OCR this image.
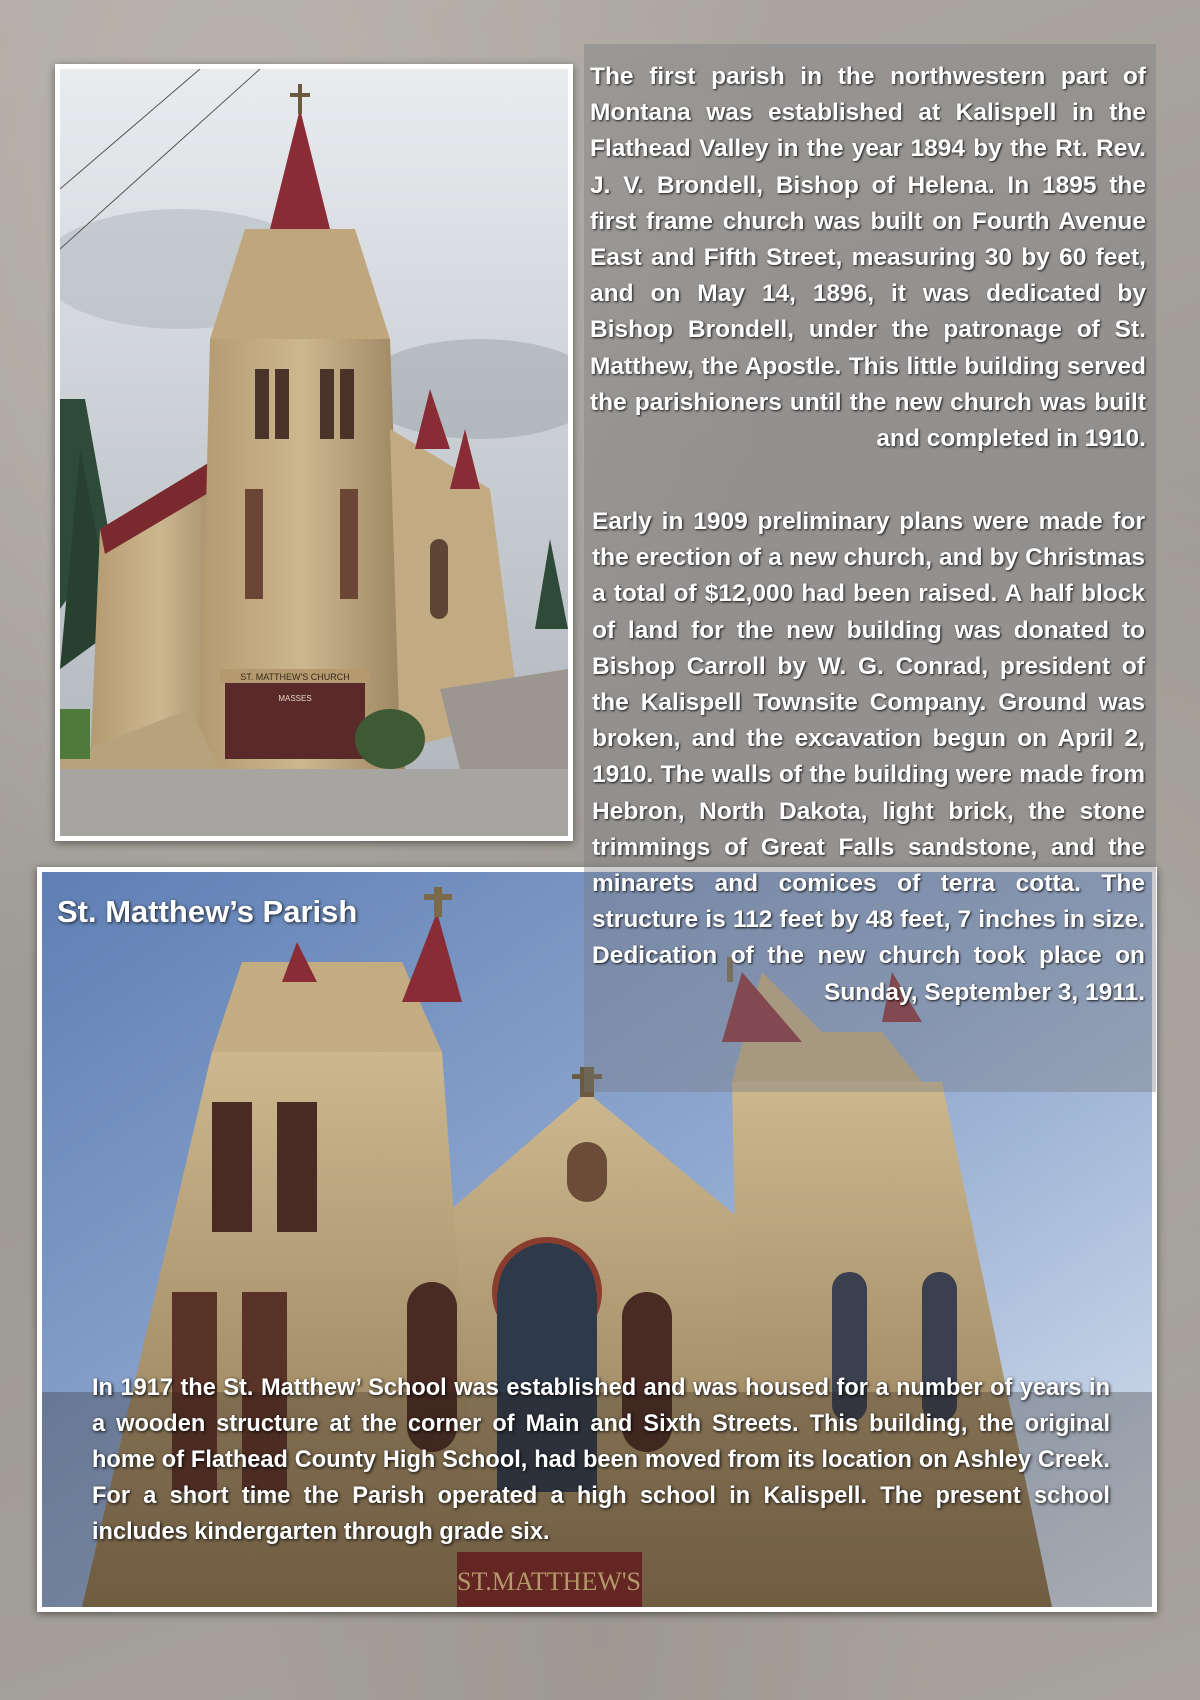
ST. MATTHEW'S CHURCH
MASSES

The first parish in the northwestern part of Montana was established at Kalispell in the Flathead Valley in the year 1894 by the Rt. Rev. J. V. Brondell, Bishop of Helena. In 1895 the first frame church was built on Fourth Avenue East and Fifth Street, measuring 30 by 60 feet, and on May 14, 1896, it was dedicated by Bishop Brondell, under the patronage of St. Matthew, the Apostle. This little building served the parishioners until the new church was built and completed in 1910.

Early in 1909 preliminary plans were made for the erection of a new church, and by Christmas a total of $12,000 had been raised. A half block of land for the new building was donated to Bishop Carroll by W. G. Conrad, president of the Kalispell Townsite Company. Ground was broken, and the excavation begun on April 2, 1910. The walls of the building were made from Hebron, North Dakota, light brick, the stone trimmings of Great Falls sandstone, and the minarets and comices of terra cotta. The structure is 112 feet by 48 feet, 7 inches in size. Dedication of the new church took place on Sunday, September 3, 1911.

St. Matthew’s Parish
In 1917 the St. Matthew’ School was established and was housed for a number of years in a wooden structure at the corner of Main and Sixth Streets. This building, the original home of Flathead County High School, had been moved from its location on Ashley Creek. For a short time the Parish operated a high school in Kalispell. The present school includes kindergarten through grade six.
